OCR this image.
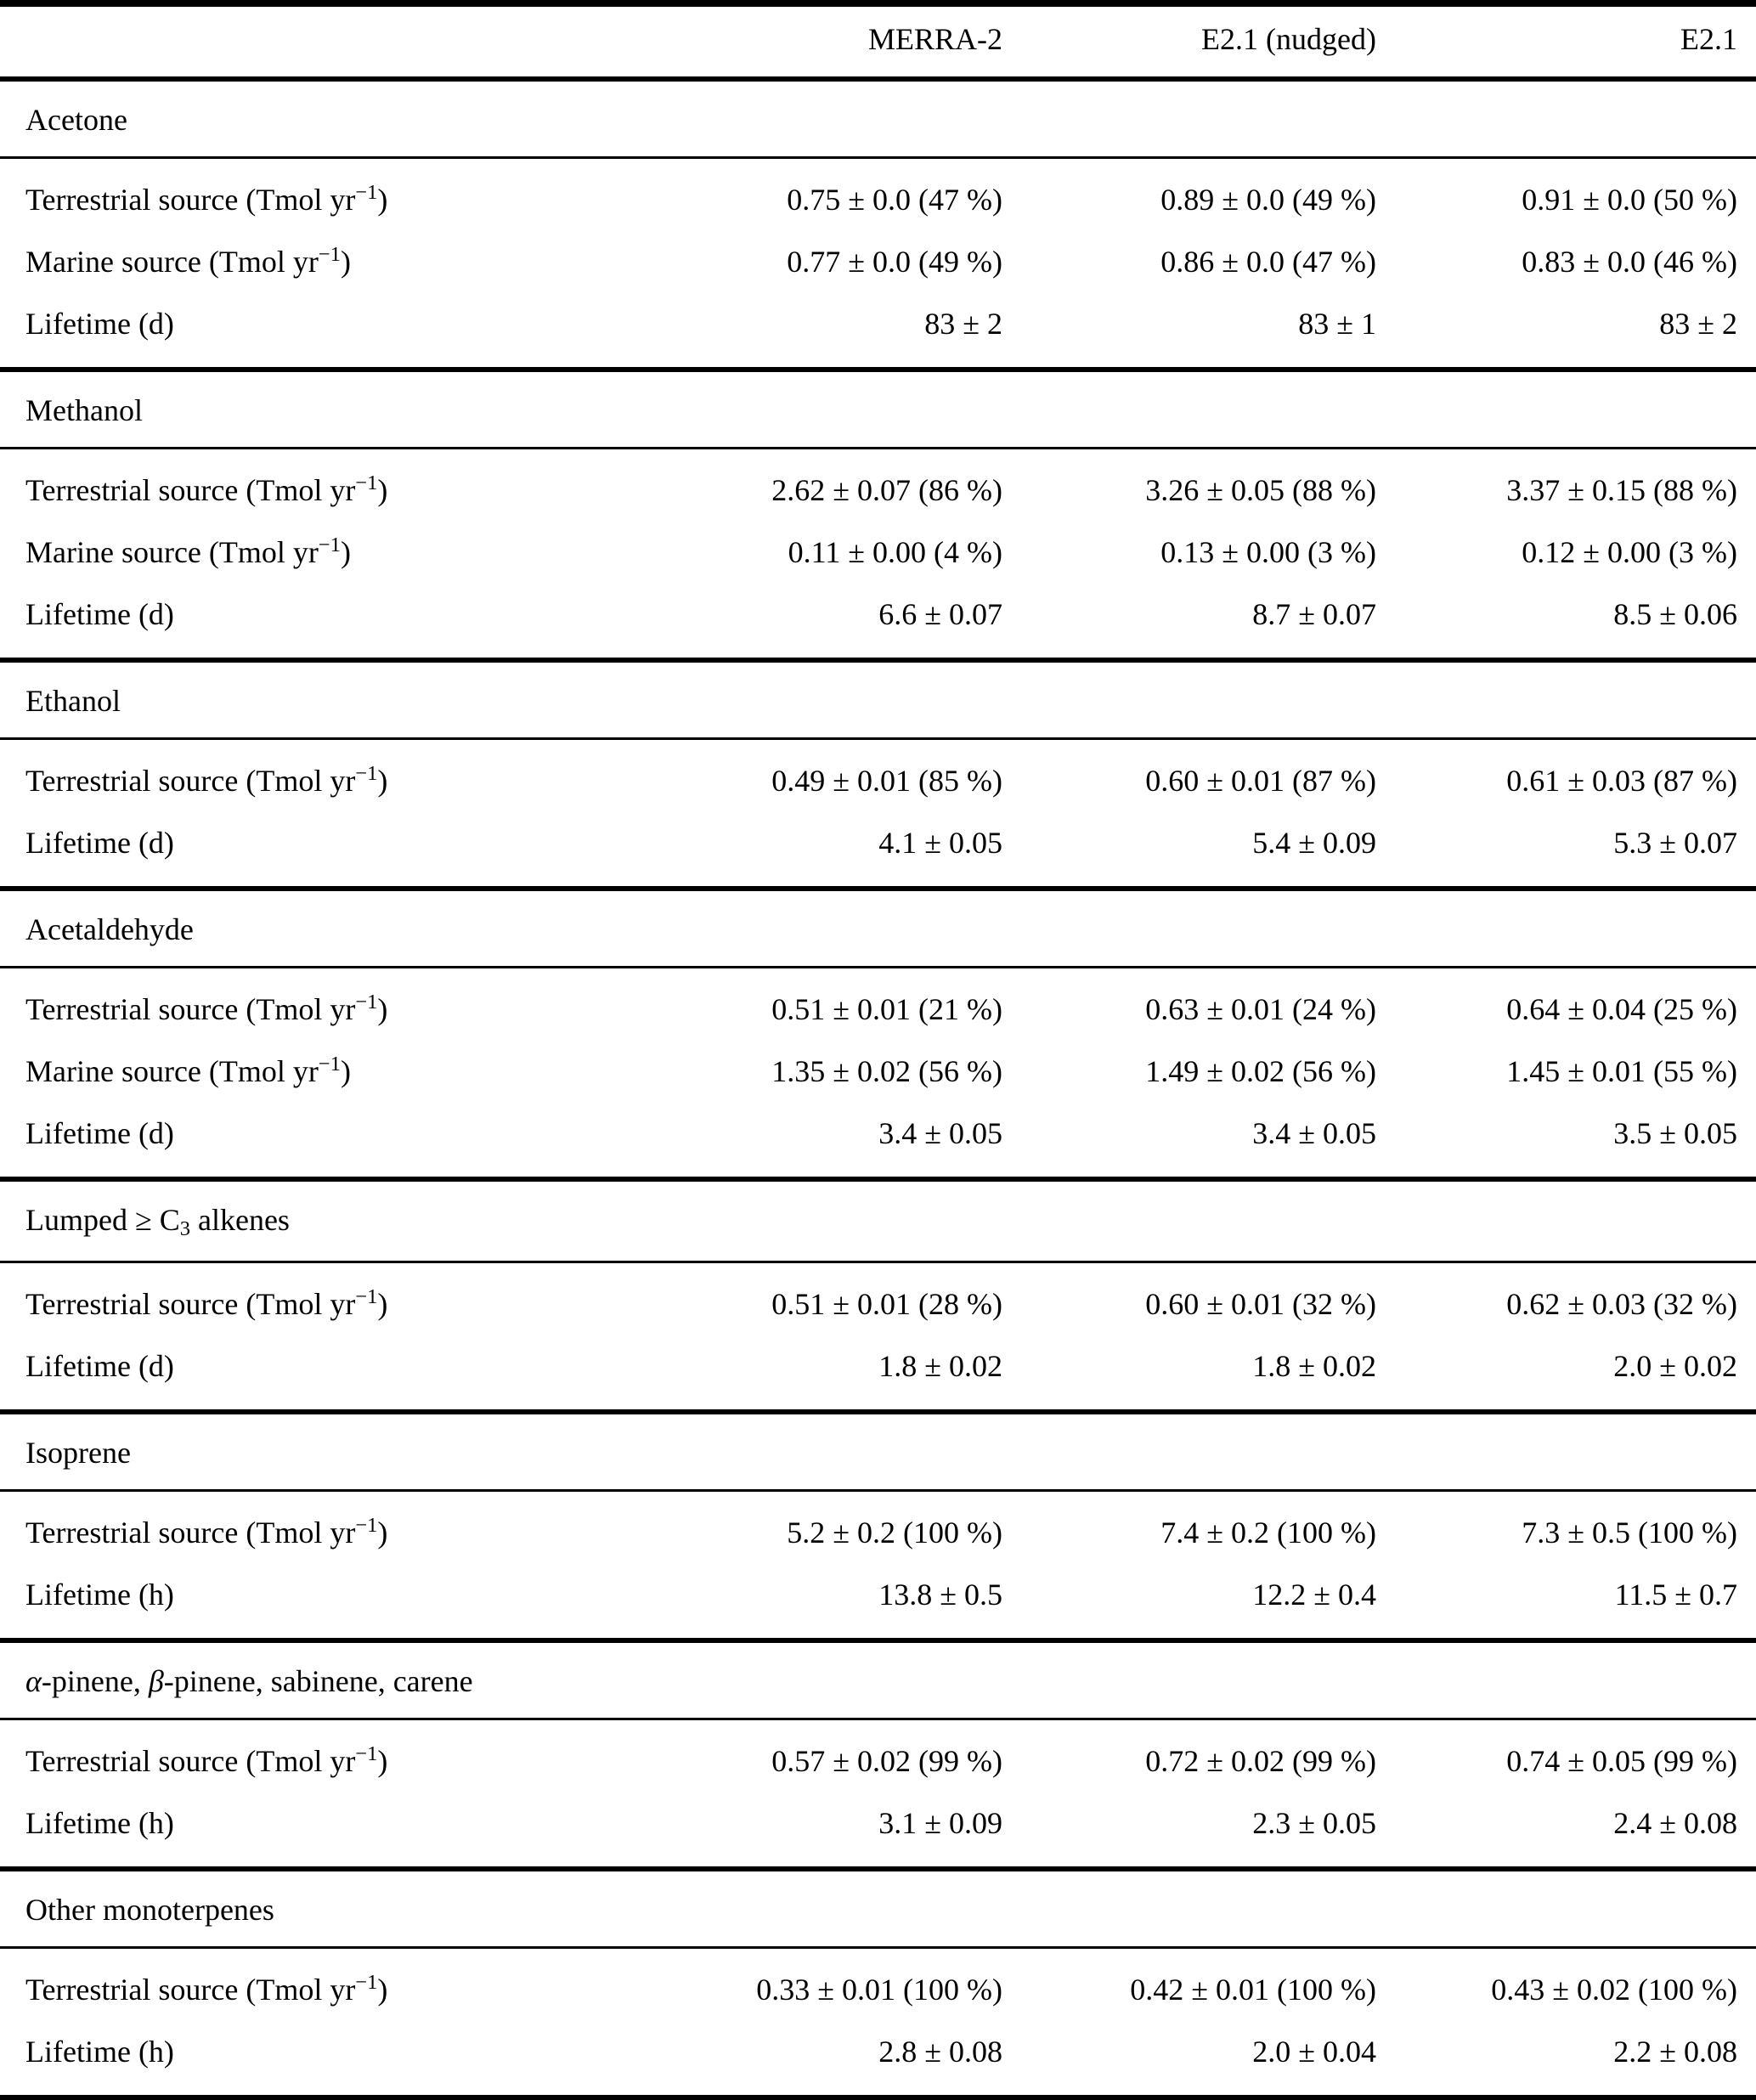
	MERRA-2	E2.1 (nudged)	E2.1
Acetone			
Terrestrial source (Tmol $yr^{-1}$)	0.75 ± 0.0 (47 %)	0.89 ± 0.0 (49 %)	0.91 ± 0.0 (50 %)
Marine source (Tmol $yr^{-1}$)	0.77 ± 0.0 (49 %)	0.86 ± 0.0 (47 %)	0.83 ± 0.0 (46 %)
Lifetime (d)	83 ± 2	83 ± 1	83 ± 2
Methanol			
Terrestrial source (Tmol $yr^{-1}$)	2.62 ± 0.07 (86 %)	3.26 ± 0.05 (88 %)	3.37 ± 0.15 (88 %)
Marine source (Tmol $yr^{-1}$)	0.11 ± 0.00 (4 %)	0.13 ± 0.00 (3 %)	0.12 ± 0.00 (3 %)
Lifetime (d)	6.6 ± 0.07	8.7 ± 0.07	8.5 ± 0.06
Ethanol			
Terrestrial source (Tmol $yr^{-1}$)	0.49 ± 0.01 (85 %)	0.60 ± 0.01 (87 %)	0.61 ± 0.03 (87 %)
Lifetime (d)	4.1 ± 0.05	5.4 ± 0.09	5.3 ± 0.07
Acetaldehyde			
Terrestrial source (Tmol $yr^{-1}$)	0.51 ± 0.01 (21 %)	0.63 ± 0.01 (24 %)	0.64 ± 0.04 (25 %)
Marine source (Tmol $yr^{-1}$)	1.35 ± 0.02 (56 %)	1.49 ± 0.02 (56 %)	1.45 ± 0.01 (55 %)
Lifetime (d)	3.4 ± 0.05	3.4 ± 0.05	3.5 ± 0.05
Lumped ≥ C3 alkenes			
Terrestrial source (Tmol $yr^{-1}$)	0.51 ± 0.01 (28 %)	0.60 ± 0.01 (32 %)	0.62 ± 0.03 (32 %)
Lifetime (d)	1.8 ± 0.02	1.8 ± 0.02	2.0 ± 0.02
Isoprene			
Terrestrial source (Tmol $yr^{-1}$)	5.2 ± 0.2 (100 %)	7.4 ± 0.2 (100 %)	7.3 ± 0.5 (100 %)
Lifetime (h)	13.8 ± 0.5	12.2 ± 0.4	11.5 ± 0.7
α-pinene, β-pinene, sabinene, carene			
Terrestrial source (Tmol $yr^{-1}$)	0.57 ± 0.02 (99 %)	0.72 ± 0.02 (99 %)	0.74 ± 0.05 (99 %)
Lifetime (h)	3.1 ± 0.09	2.3 ± 0.05	2.4 ± 0.08
Other monoterpenes			
Terrestrial source (Tmol $yr^{-1}$)	0.33 ± 0.01 (100 %)	0.42 ± 0.01 (100 %)	0.43 ± 0.02 (100 %)
Lifetime (h)	2.8 ± 0.08	2.0 ± 0.04	2.2 ± 0.08
